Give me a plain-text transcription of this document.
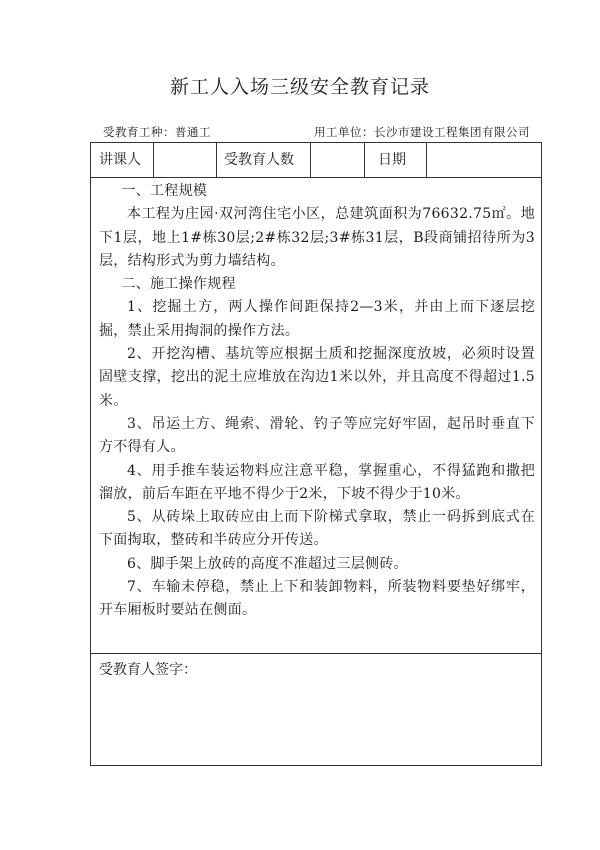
新工人入场三级安全教育记录
受教育工种：普通工	用工单位：长沙市建设工程集团有限公司
讲课人	受教育人数	日期

一、工程规模

本工程为庄园·双河湾住宅小区，总建筑面积为76632.75㎡。地下1层，地上1#栋30层;2#栋32层;3#栋31层，B段商铺招待所为3层，结构形式为剪力墙结构。

二、施工操作规程

1、挖掘土方，两人操作间距保持2—3米，并由上而下逐层挖掘，禁止采用掏洞的操作方法。

2、开挖沟槽、基坑等应根据土质和挖掘深度放坡，必须时设置固壁支撑，挖出的泥土应堆放在沟边1米以外，并且高度不得超过1.5米。

3、吊运土方、绳索、滑轮、钓子等应完好牢固，起吊时垂直下方不得有人。

4、用手推车装运物料应注意平稳，掌握重心，不得猛跑和撒把溜放，前后车距在平地不得少于2米，下坡不得少于10米。

5、从砖垛上取砖应由上而下阶梯式拿取，禁止一码拆到底式在下面掏取，整砖和半砖应分开传送。

6、脚手架上放砖的高度不准超过三层侧砖。

7、车输未停稳，禁止上下和装卸物料，所装物料要垫好绑牢，开车厢板时要站在侧面。

受教育人签字：
